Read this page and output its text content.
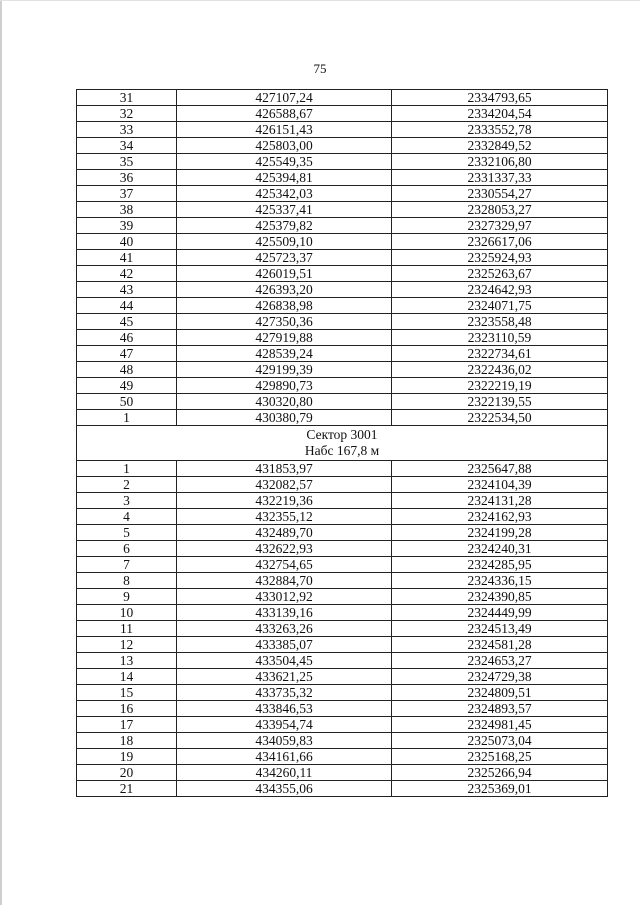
75
31	427107,24	2334793,65
32	426588,67	2334204,54
33	426151,43	2333552,78
34	425803,00	2332849,52
35	425549,35	2332106,80
36	425394,81	2331337,33
37	425342,03	2330554,27
38	425337,41	2328053,27
39	425379,82	2327329,97
40	425509,10	2326617,06
41	425723,37	2325924,93
42	426019,51	2325263,67
43	426393,20	2324642,93
44	426838,98	2324071,75
45	427350,36	2323558,48
46	427919,88	2323110,59
47	428539,24	2322734,61
48	429199,39	2322436,02
49	429890,73	2322219,19
50	430320,80	2322139,55
1	430380,79	2322534,50

Сектор 3001
Набс 167,8 м		

1	431853,97	2325647,88
2	432082,57	2324104,39
3	432219,36	2324131,28
4	432355,12	2324162,93
5	432489,70	2324199,28
6	432622,93	2324240,31
7	432754,65	2324285,95
8	432884,70	2324336,15
9	433012,92	2324390,85
10	433139,16	2324449,99
11	433263,26	2324513,49
12	433385,07	2324581,28
13	433504,45	2324653,27
14	433621,25	2324729,38
15	433735,32	2324809,51
16	433846,53	2324893,57
17	433954,74	2324981,45
18	434059,83	2325073,04
19	434161,66	2325168,25
20	434260,11	2325266,94
21	434355,06	2325369,01
